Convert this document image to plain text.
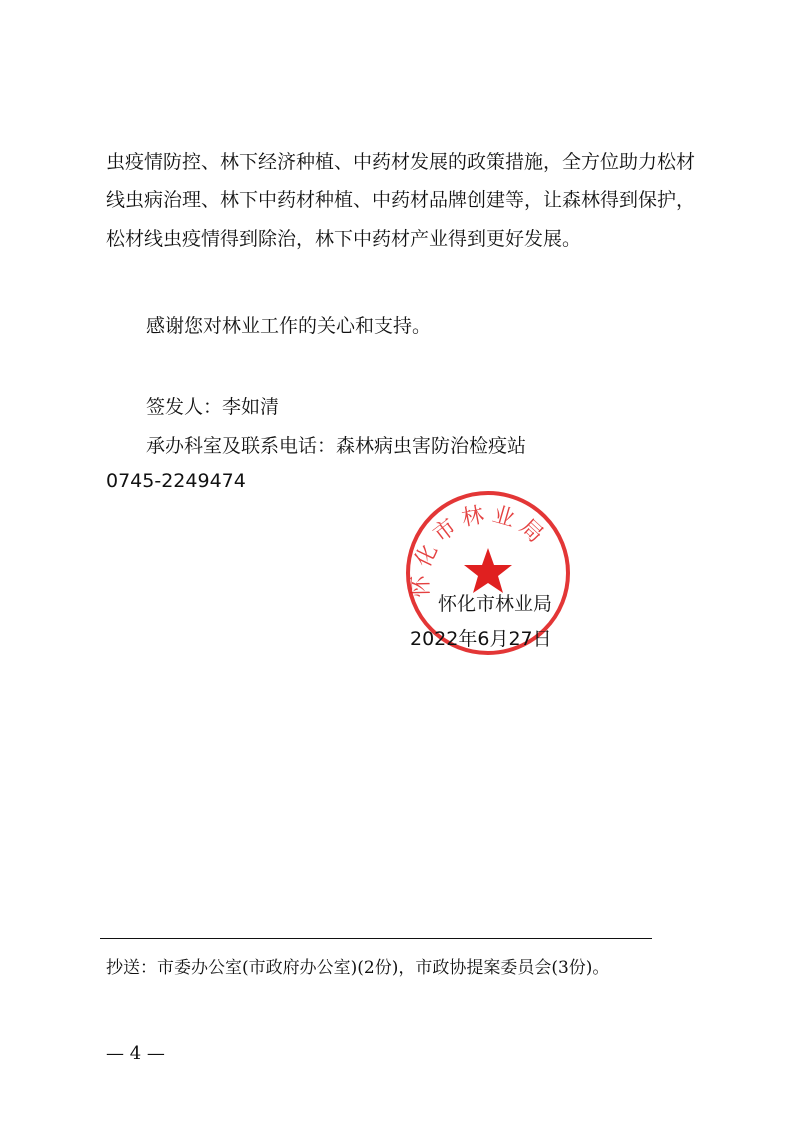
虫疫情防控、林下经济种植、中药材发展的政策措施，全方位助力松材线虫病治理、林下中药材种植、中药材品牌创建等，让森林得到保护，松材线虫疫情得到除治，林下中药材产业得到更好发展。

感谢您对林业工作的关心和支持。

签发人：李如清
承办科室及联系电话：森林病虫害防治检疫站
0745-2249474
怀化市林业局
怀化市林业局
2022年6月27日
抄送：市委办公室(市政府办公室)(2份)，市政协提案委员会(3份)。
— 4 —
